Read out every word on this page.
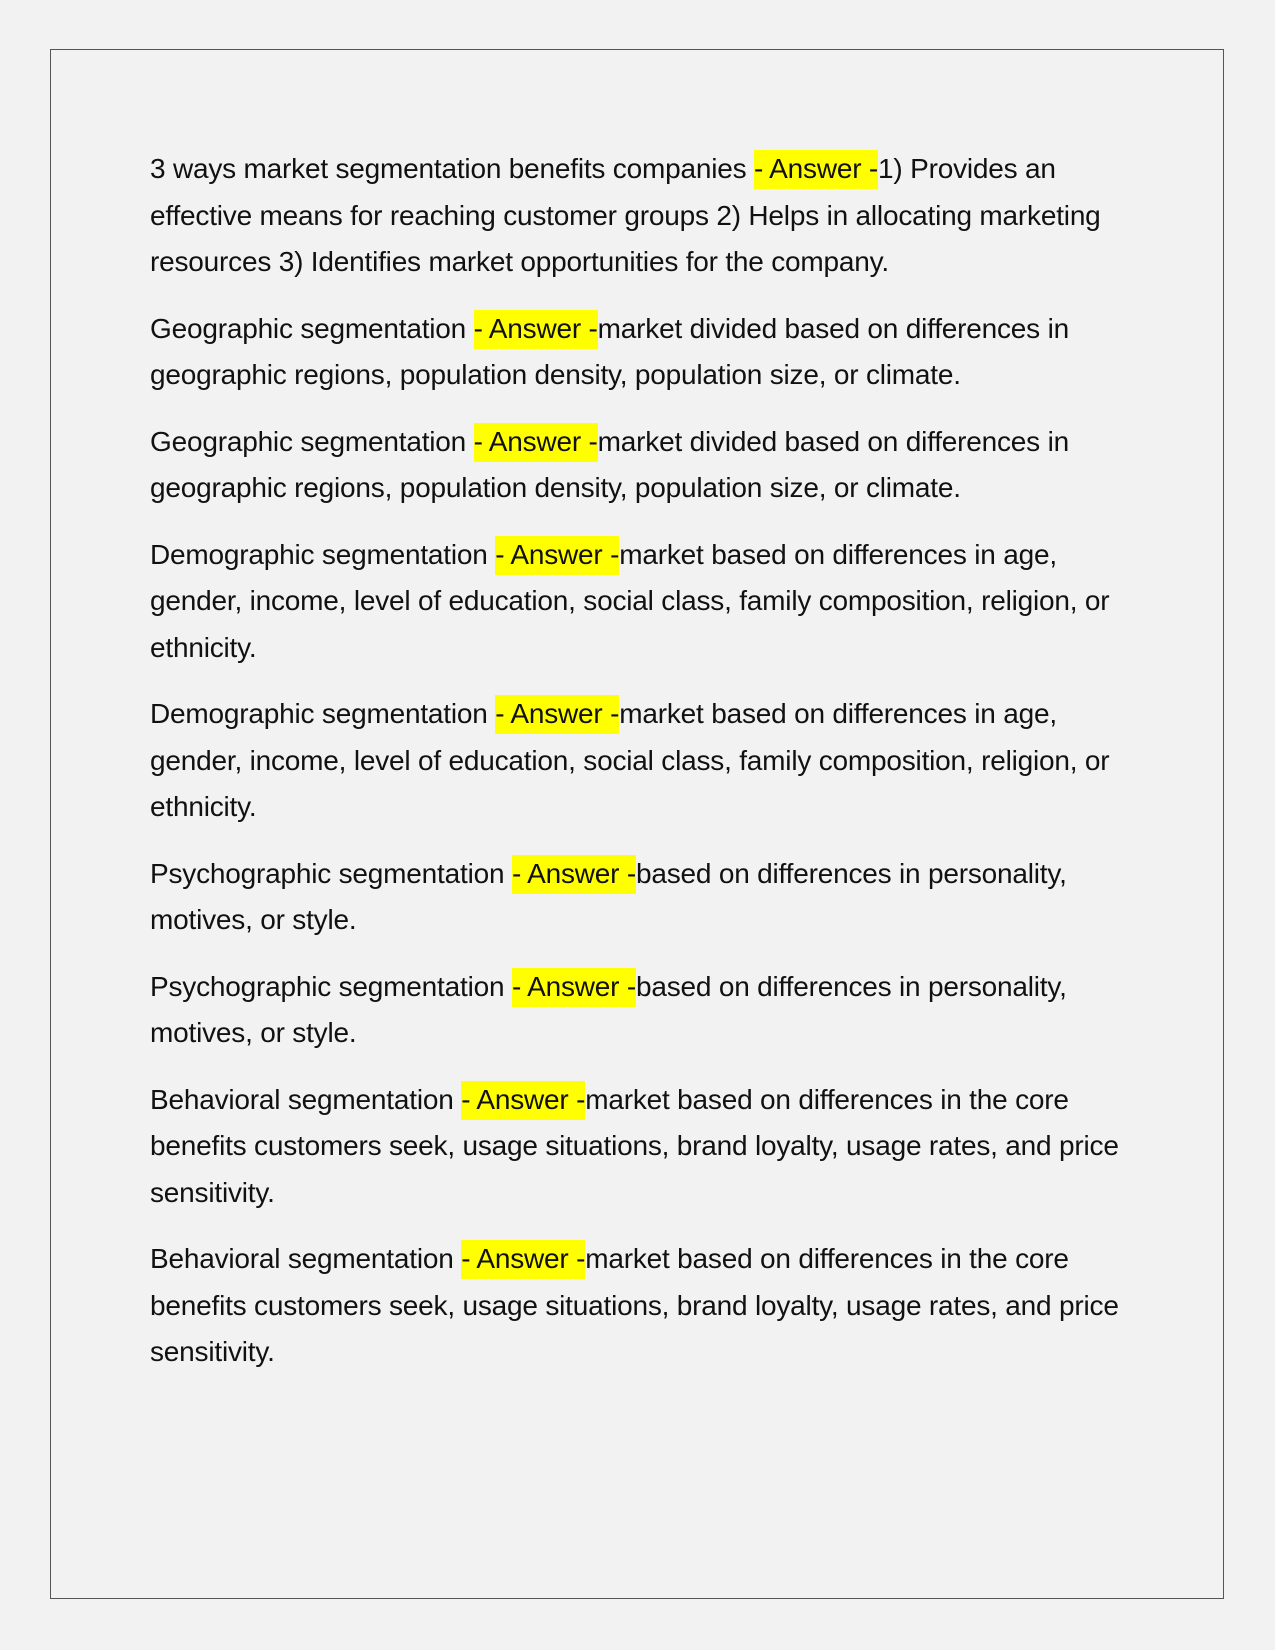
3 ways market segmentation benefits companies - Answer -1) Provides an effective means for reaching customer groups 2) Helps in allocating marketing resources 3) Identifies market opportunities for the company.

Geographic segmentation - Answer -market divided based on differences in geographic regions, population density, population size, or climate.

Geographic segmentation - Answer -market divided based on differences in geographic regions, population density, population size, or climate.

Demographic segmentation - Answer -market based on differences in age, gender, income, level of education, social class, family composition, religion, or ethnicity.

Demographic segmentation - Answer -market based on differences in age, gender, income, level of education, social class, family composition, religion, or ethnicity.

Psychographic segmentation - Answer -based on differences in personality, motives, or style.

Psychographic segmentation - Answer -based on differences in personality, motives, or style.

Behavioral segmentation - Answer -market based on differences in the core benefits customers seek, usage situations, brand loyalty, usage rates, and price sensitivity.

Behavioral segmentation - Answer -market based on differences in the core benefits customers seek, usage situations, brand loyalty, usage rates, and price sensitivity.
